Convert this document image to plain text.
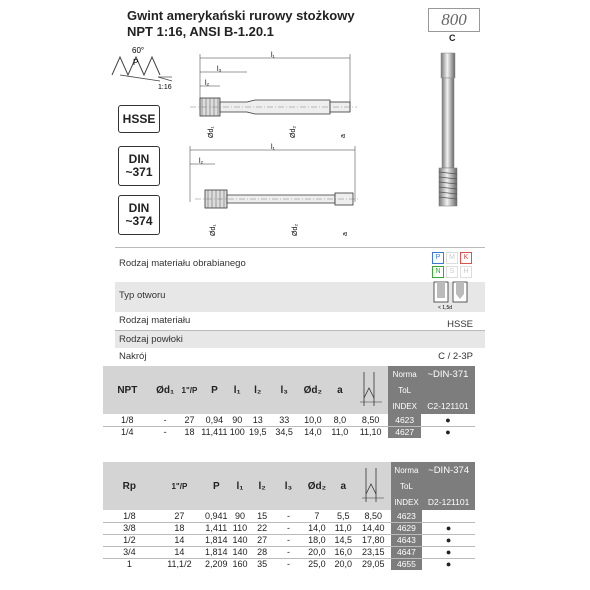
Gwint amerykański rurowy stożkowy
NPT 1:16, ANSI B-1.20.1
800
C
60°
P
1:16
HSSE
DIN
~371
DIN
~374
l₁
l₃
l₂
Ød₁	Ød₂	a
l₁
l₂
Ød₁	Ød₂	a
Rodzaj materiału obrabianego
P M K
N S H
Typ otworu
< 1,5d
Rodzaj materiału	HSSE
Rodzaj powłoki
Nakrój	C / 2-3P
NPT	Ød₁	1"/P	P	l₁	l₂	l₃	Ød₂	a		Norma	~DIN-371
										ToL	
										INDEX	C2-121101
1/8	-	27	0,94	90	13	33	10,0	8,0	8,50	4623	●
1/4	-	18	11,411	100	19,5	34,5	14,0	11,0	11,10	4627	●
Rp	1"/P	P	l₁	l₂	l₃	Ød₂	a		Norma	~DIN-374
									ToL	
									INDEX	D2-121101
1/8	27	0,941	90	15	-	7	5,5	8,50	4623	
3/8	18	1,411	110	22	-	14,0	11,0	14,40	4629	●
1/2	14	1,814	140	27	-	18,0	14,5	17,80	4643	●
3/4	14	1,814	140	28	-	20,0	16,0	23,15	4647	●
1	11,1/2	2,209	160	35	-	25,0	20,0	29,05	4655	●
